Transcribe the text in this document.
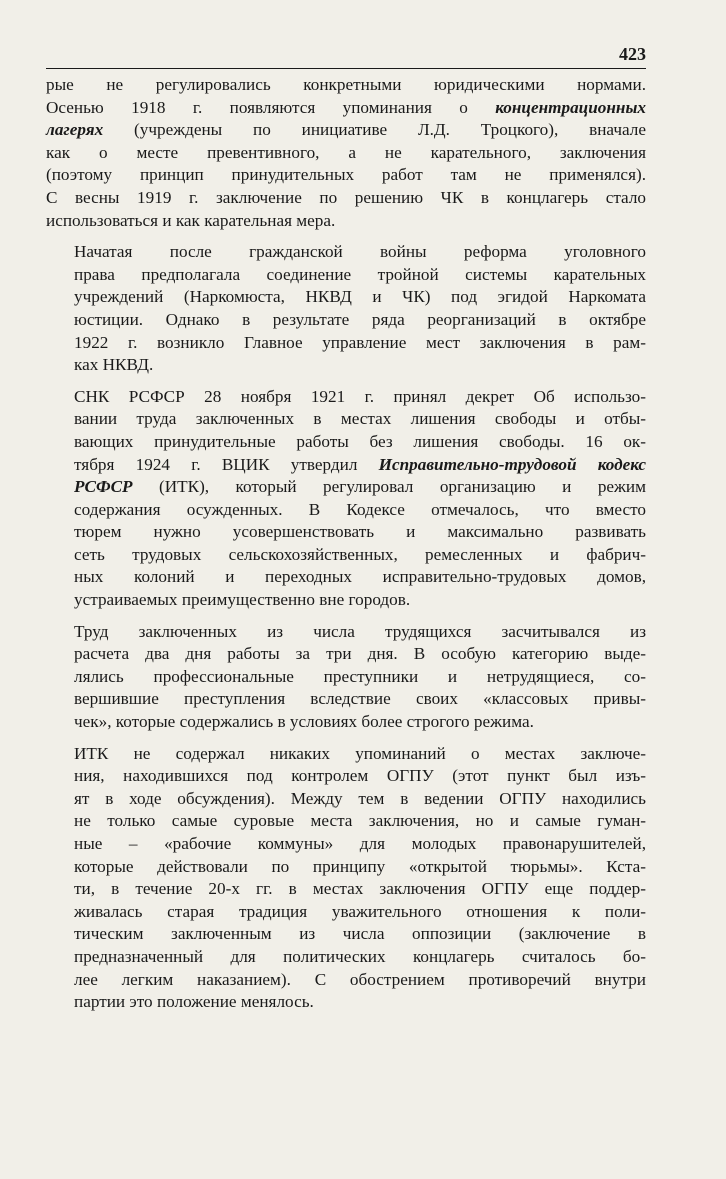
423

рые не регулировались конкретными юридическими нормами.
Осенью 1918 г. появляются упоминания о концентрационных
лагерях (учреждены по инициативе Л.Д. Троцкого), вначале
как о месте превентивного, а не карательного, заключения
(поэтому принцип принудительных работ там не применялся).
С весны 1919 г. заключение по решению ЧК в концлагерь стало
использоваться и как карательная мера.

Начатая после гражданской войны реформа уголовного
права предполагала соединение тройной системы карательных
учреждений (Наркомюста, НКВД и ЧК) под эгидой Наркомата
юстиции. Однако в результате ряда реорганизаций в октябре
1922 г. возникло Главное управление мест заключения в рам-
ках НКВД.

СНК РСФСР 28 ноября 1921 г. принял декрет Об использо-
вании труда заключенных в местах лишения свободы и отбы-
вающих принудительные работы без лишения свободы. 16 ок-
тября 1924 г. ВЦИК утвердил Исправительно-трудовой кодекс
РСФСР (ИТК), который регулировал организацию и режим
содержания осужденных. В Кодексе отмечалось, что вместо
тюрем нужно усовершенствовать и максимально развивать
сеть трудовых сельскохозяйственных, ремесленных и фабрич-
ных колоний и переходных исправительно-трудовых домов,
устраиваемых преимущественно вне городов.

Труд заключенных из числа трудящихся засчитывался из
расчета два дня работы за три дня. В особую категорию выде-
лялись профессиональные преступники и нетрудящиеся, со-
вершившие преступления вследствие своих «классовых привы-
чек», которые содержались в условиях более строгого режима.

ИТК не содержал никаких упоминаний о местах заключе-
ния, находившихся под контролем ОГПУ (этот пункт был изъ-
ят в ходе обсуждения). Между тем в ведении ОГПУ находились
не только самые суровые места заключения, но и самые гуман-
ные – «рабочие коммуны» для молодых правонарушителей,
которые действовали по принципу «открытой тюрьмы». Кста-
ти, в течение 20-х гг. в местах заключения ОГПУ еще поддер-
живалась старая традиция уважительного отношения к поли-
тическим заключенным из числа оппозиции (заключение в
предназначенный для политических концлагерь считалось бо-
лее легким наказанием). С обострением противоречий внутри
партии это положение менялось.
